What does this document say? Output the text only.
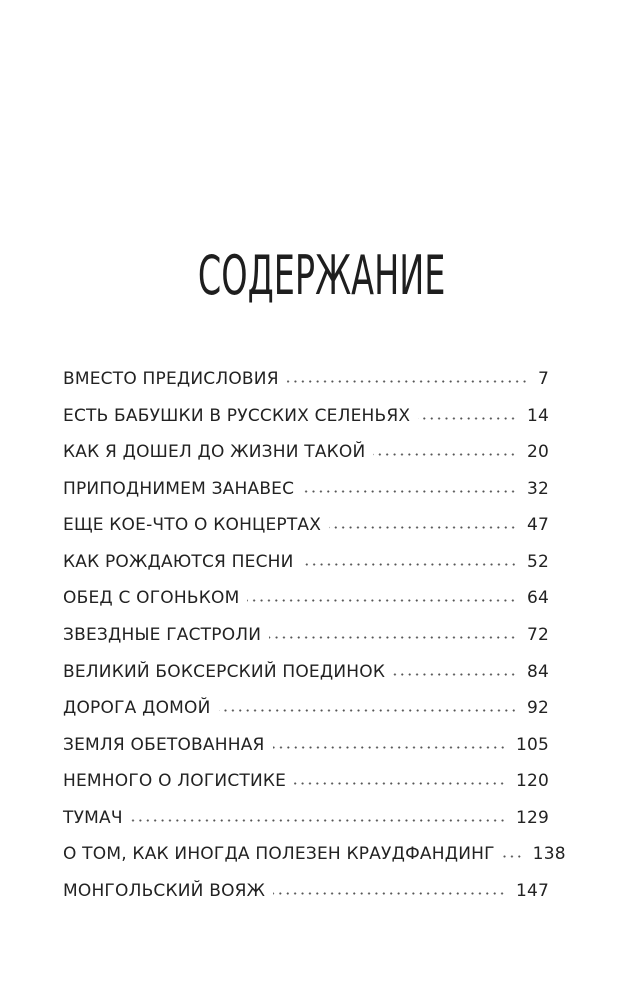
СОДЕРЖАНИЕ
ВМЕСТО ПРЕДИСЛОВИЯ	7
ЕСТЬ БАБУШКИ В РУССКИХ СЕЛЕНЬЯХ	14
КАК Я ДОШЕЛ ДО ЖИЗНИ ТАКОЙ	20
ПРИПОДНИМЕМ ЗАНАВЕС	32
ЕЩЕ КОЕ-ЧТО О КОНЦЕРТАХ	47
КАК РОЖДАЮТСЯ ПЕСНИ	52
ОБЕД С ОГОНЬКОМ	64
ЗВЕЗДНЫЕ ГАСТРОЛИ	72
ВЕЛИКИЙ БОКСЕРСКИЙ ПОЕДИНОК	84
ДОРОГА ДОМОЙ	92
ЗЕМЛЯ ОБЕТОВАННАЯ	105
НЕМНОГО О ЛОГИСТИКЕ	120
ТУМАЧ	129
О ТОМ, КАК ИНОГДА ПОЛЕЗЕН КРАУДФАНДИНГ 138
МОНГОЛЬСКИЙ ВОЯЖ	147
